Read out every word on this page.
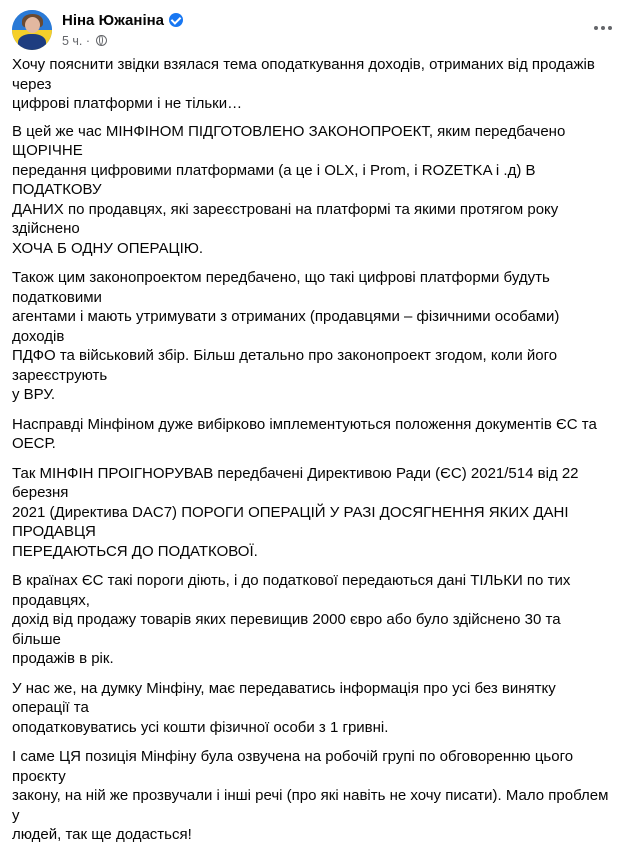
Ніна Южаніна
5 ч. ·

Хочу пояснити звідки взялася тема оподаткування доходів, отриманих від продажів через
цифрові платформи і не тільки…

В цей же час МІНФІНОМ ПІДГОТОВЛЕНО ЗАКОНОПРОЕКТ, яким передбачено ЩОРІЧНЕ
передання цифровими платформами (а це і OLX, і Prom, і ROZETKA і .д) В ПОДАТКОВУ
ДАНИХ по продавцях, які зареєстровані на платформі та якими протягом року здійснено
ХОЧА Б ОДНУ ОПЕРАЦІЮ.

Також цим законопроектом передбачено, що такі цифрові платформи будуть податковими
агентами і мають утримувати з отриманих (продавцями – фізичними особами) доходів
ПДФО та військовий збір. Більш детально про законопроект згодом, коли його зареєструють
у ВРУ.

Насправді Мінфіном дуже вибірково імплементуються положення документів ЄС та ОЕСР.

Так МІНФІН ПРОІГНОРУВАВ передбачені Директивою Ради (ЄС) 2021/514 від 22 березня
2021 (Директива DAC7) ПОРОГИ ОПЕРАЦІЙ У РАЗІ ДОСЯГНЕННЯ ЯКИХ ДАНІ ПРОДАВЦЯ
ПЕРЕДАЮТЬСЯ ДО ПОДАТКОВОЇ.

В країнах ЄС такі пороги діють, і до податкової передаються дані ТІЛЬКИ по тих продавцях,
дохід від продажу товарів яких перевищив 2000 євро або було здійснено 30 та більше
продажів в рік.

У нас же, на думку Мінфіну, має передаватись інформація про усі без винятку операції та
оподатковуватись усі кошти фізичної особи з 1 гривні.

І саме ЦЯ позиція Мінфіну була озвучена на робочій групі по обговоренню цього проєкту
закону, на ній же прозвучали і інші речі (про які навіть не хочу писати). Мало проблем у
людей, так ще додасться!
